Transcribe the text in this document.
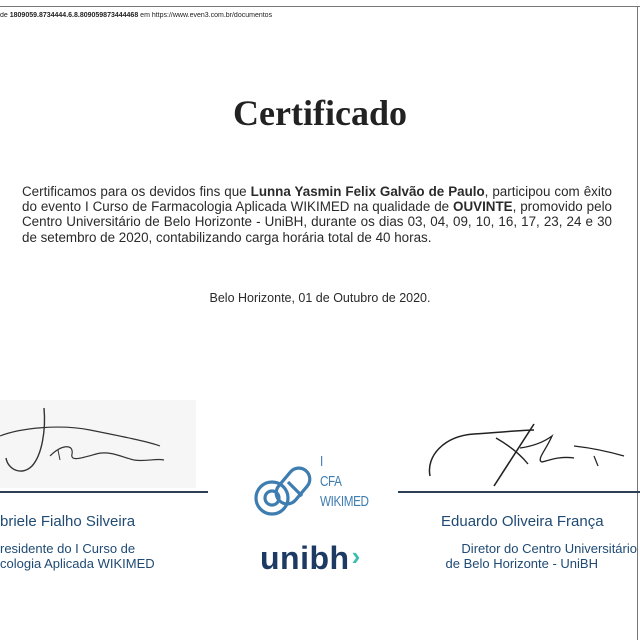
de 1809059.8734444.6.8.809059873444468 em https://www.even3.com.br/documentos
Certificado
Certificamos para os devidos fins que Lunna Yasmin Felix Galvão de Paulo, participou com êxito do evento I Curso de Farmacologia Aplicada WIKIMED na qualidade de OUVINTE, promovido pelo Centro Universitário de Belo Horizonte - UniBH, durante os dias 03, 04, 09, 10, 16, 17, 23, 24 e 30 de setembro de 2020, contabilizando carga horária total de 40 horas.
Belo Horizonte, 01 de Outubro de 2020.
briele Fialho Silveira
residente do I Curso de
cologia Aplicada WIKIMED
I
CFA
WIKIMED
unibh›
Eduardo Oliveira França
Diretor do Centro Universitário
de Belo Horizonte - UniBH
